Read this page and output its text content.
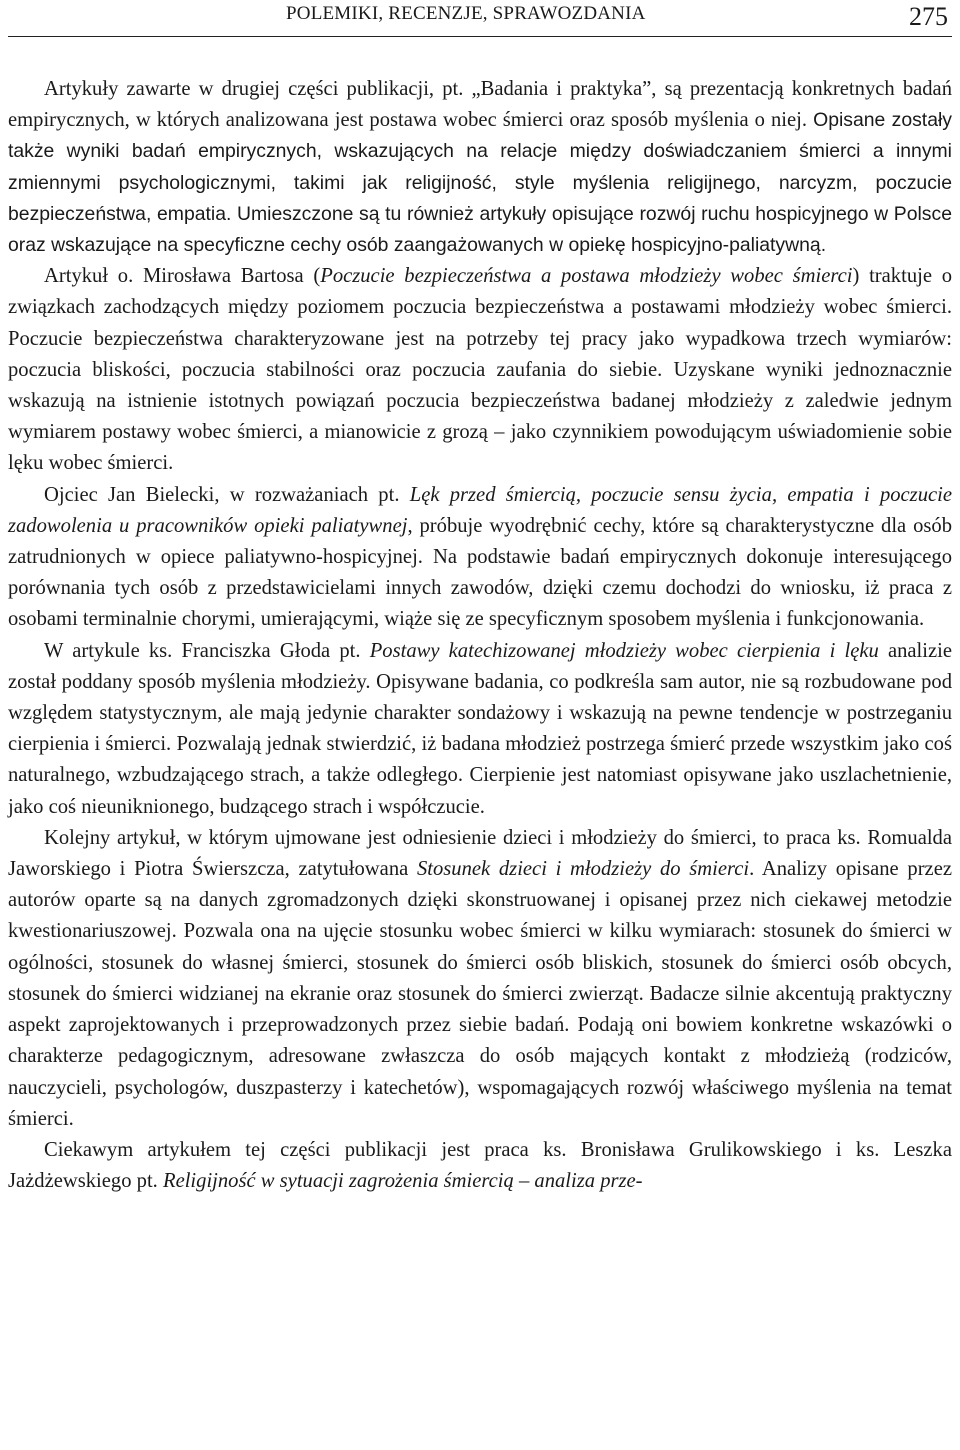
POLEMIKI, RECENZJE, SPRAWOZDANIA	275

Artykuły zawarte w drugiej części publikacji, pt. „Badania i praktyka”, są prezentacją konkretnych badań empirycznych, w których analizowana jest postawa wobec śmierci oraz sposób myślenia o niej. Opisane zostały także wyniki badań empirycznych, wskazujących na relacje między doświadczaniem śmierci a innymi zmiennymi psychologicznymi, takimi jak religijność, style myślenia religijnego, narcyzm, poczucie bezpieczeństwa, empatia. Umieszczone są tu również artykuły opisujące rozwój ruchu hospicyjnego w Polsce oraz wskazujące na specyficzne cechy osób zaangażowanych w opiekę hospicyjno-paliatywną.

Artykuł o. Mirosława Bartosa (Poczucie bezpieczeństwa a postawa młodzieży wobec śmierci) traktuje o związkach zachodzących między poziomem poczucia bezpieczeństwa a postawami młodzieży wobec śmierci. Poczucie bezpieczeństwa charakteryzowane jest na potrzeby tej pracy jako wypadkowa trzech wymiarów: poczucia bliskości, poczucia stabilności oraz poczucia zaufania do siebie. Uzyskane wyniki jednoznacznie wskazują na istnienie istotnych powiązań poczucia bezpieczeństwa badanej młodzieży z zaledwie jednym wymiarem postawy wobec śmierci, a mianowicie z grozą – jako czynnikiem powodującym uświadomienie sobie lęku wobec śmierci.

Ojciec Jan Bielecki, w rozważaniach pt. Lęk przed śmiercią, poczucie sensu życia, empatia i poczucie zadowolenia u pracowników opieki paliatywnej, próbuje wyodrębnić cechy, które są charakterystyczne dla osób zatrudnionych w opiece paliatywno-hospicyjnej. Na podstawie badań empirycznych dokonuje interesującego porównania tych osób z przedstawicielami innych zawodów, dzięki czemu dochodzi do wniosku, iż praca z osobami terminalnie chorymi, umierającymi, wiąże się ze specyficznym sposobem myślenia i funkcjonowania.

W artykule ks. Franciszka Głoda pt. Postawy katechizowanej młodzieży wobec cierpienia i lęku analizie został poddany sposób myślenia młodzieży. Opisywane badania, co podkreśla sam autor, nie są rozbudowane pod względem statystycznym, ale mają jedynie charakter sondażowy i wskazują na pewne tendencje w postrzeganiu cierpienia i śmierci. Pozwalają jednak stwierdzić, iż badana młodzież postrzega śmierć przede wszystkim jako coś naturalnego, wzbudzającego strach, a także odległego. Cierpienie jest natomiast opisywane jako uszlachetnienie, jako coś nieuniknionego, budzącego strach i współczucie.

Kolejny artykuł, w którym ujmowane jest odniesienie dzieci i młodzieży do śmierci, to praca ks. Romualda Jaworskiego i Piotra Świerszcza, zatytułowana Stosunek dzieci i młodzieży do śmierci. Analizy opisane przez autorów oparte są na danych zgromadzonych dzięki skonstruowanej i opisanej przez nich ciekawej metodzie kwestionariuszowej. Pozwala ona na ujęcie stosunku wobec śmierci w kilku wymiarach: stosunek do śmierci w ogólności, stosunek do własnej śmierci, stosunek do śmierci osób bliskich, stosunek do śmierci osób obcych, stosunek do śmierci widzianej na ekranie oraz stosunek do śmierci zwierząt. Badacze silnie akcentują praktyczny aspekt zaprojektowanych i przeprowadzonych przez siebie badań. Podają oni bowiem konkretne wskazówki o charakterze pedagogicznym, adresowane zwłaszcza do osób mających kontakt z młodzieżą (rodziców, nauczycieli, psychologów, duszpasterzy i katechetów), wspomagających rozwój właściwego myślenia na temat śmierci.

Ciekawym artykułem tej części publikacji jest praca ks. Bronisława Grulikowskiego i ks. Leszka Jażdżewskiego pt. Religijność w sytuacji zagrożenia śmiercią – analiza prze-
